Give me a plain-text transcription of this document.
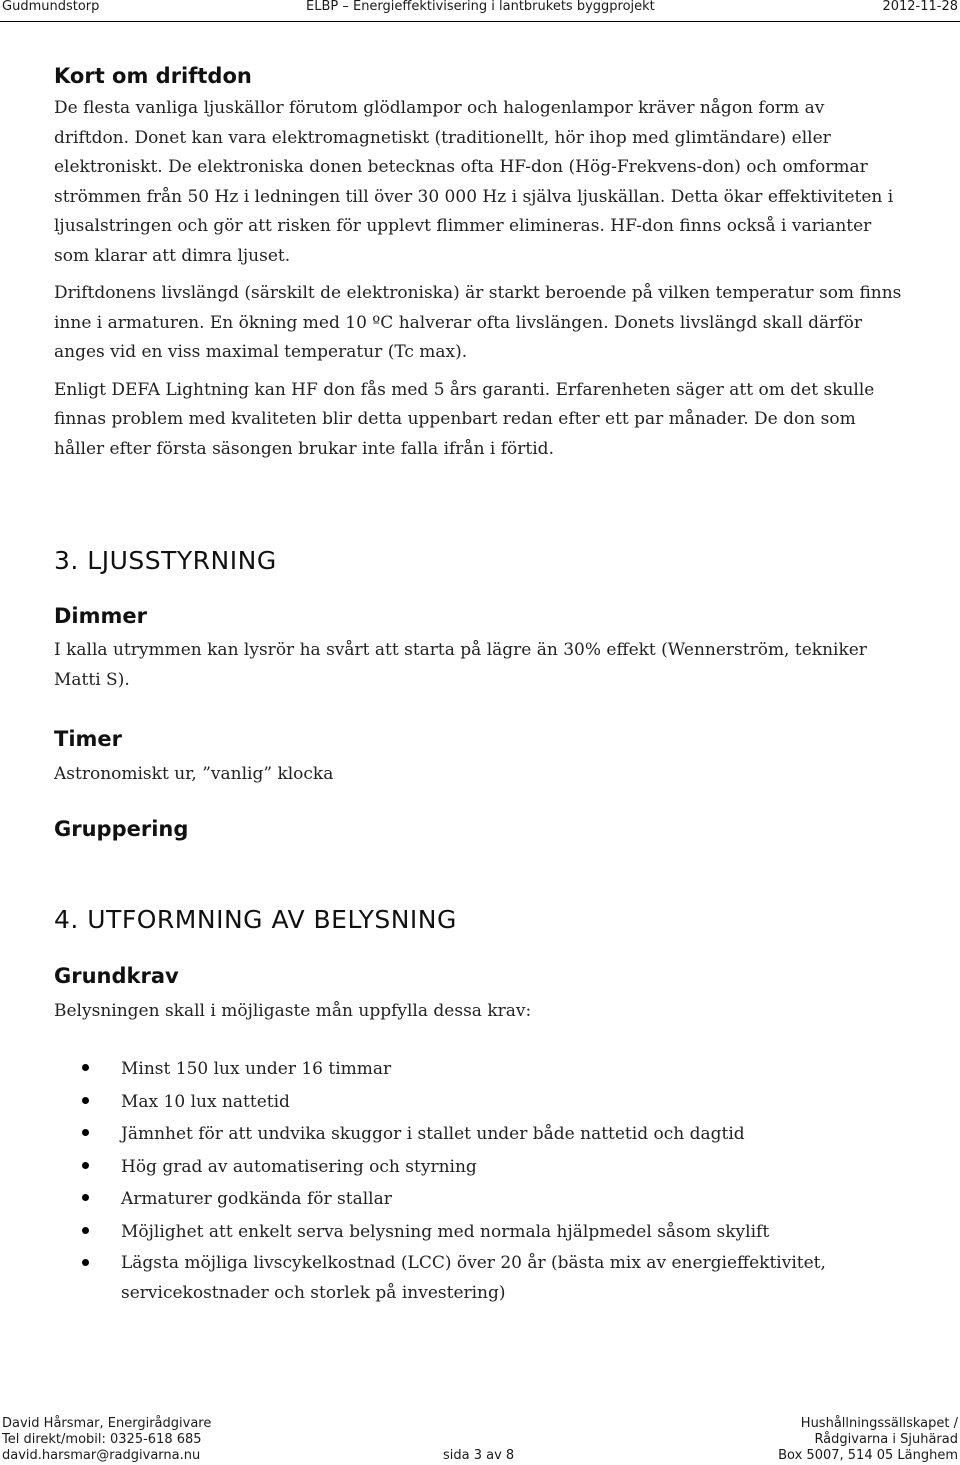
Gudmundstorp	ELBP – Energieffektivisering i lantbrukets byggprojekt	2012-11-28
Kort om driftdon

De flesta vanliga ljuskällor förutom glödlampor och halogenlampor kräver någon form av
driftdon. Donet kan vara elektromagnetiskt (traditionellt, hör ihop med glimtändare) eller
elektroniskt. De elektroniska donen betecknas ofta HF-don (Hög-Frekvens-don) och omformar
strömmen från 50 Hz i ledningen till över 30 000 Hz i själva ljuskällan. Detta ökar effektiviteten i
ljusalstringen och gör att risken för upplevt flimmer elimineras. HF-don finns också i varianter
som klarar att dimra ljuset.

Driftdonens livslängd (särskilt de elektroniska) är starkt beroende på vilken temperatur som finns
inne i armaturen. En ökning med 10 ºC halverar ofta livslängen. Donets livslängd skall därför
anges vid en viss maximal temperatur (Tc max).

Enligt DEFA Lightning kan HF don fås med 5 års garanti. Erfarenheten säger att om det skulle
finnas problem med kvaliteten blir detta uppenbart redan efter ett par månader. De don som
håller efter första säsongen brukar inte falla ifrån i förtid.

3. LJUSSTYRNING
Dimmer

I kalla utrymmen kan lysrör ha svårt att starta på lägre än 30% effekt (Wennerström, tekniker
Matti S).

Timer

Astronomiskt ur, ”vanlig” klocka

Gruppering
4. UTFORMNING AV BELYSNING
Grundkrav

Belysningen skall i möjligaste mån uppfylla dessa krav:

Minst 150 lux under 16 timmar
Max 10 lux nattetid
Jämnhet för att undvika skuggor i stallet under både nattetid och dagtid
Hög grad av automatisering och styrning
Armaturer godkända för stallar
Möjlighet att enkelt serva belysning med normala hjälpmedel såsom skylift
Lägsta möjliga livscykelkostnad (LCC) över 20 år (bästa mix av energieffektivitet,
servicekostnader och storlek på investering)
David Hårsmar, Energirådgivare
Tel direkt/mobil: 0325-618 685
david.harsmar@radgivarna.nu	sida 3 av 8
Hushållningssällskapet /
Rådgivarna i Sjuhärad
Box 5007, 514 05 Länghem
